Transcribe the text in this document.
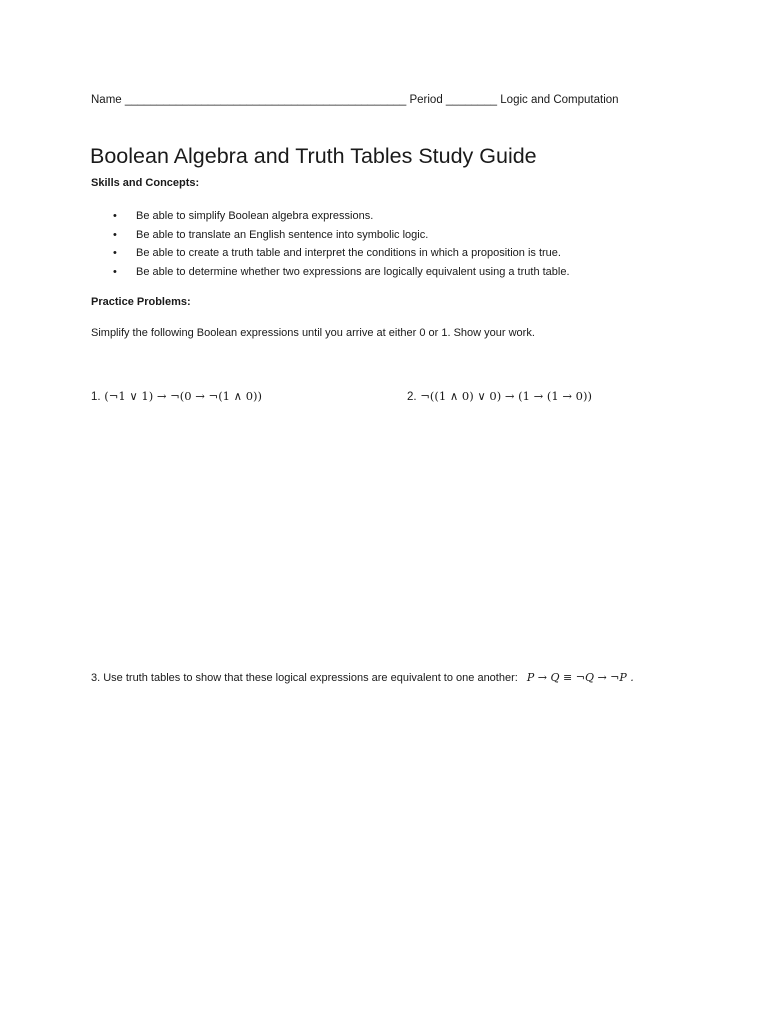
Name ____________________________________________ Period ________ Logic and Computation
Boolean Algebra and Truth Tables Study Guide
Skills and Concepts:
• Be able to simplify Boolean algebra expressions.
• Be able to translate an English sentence into symbolic logic.
• Be able to create a truth table and interpret the conditions in which a proposition is true.
• Be able to determine whether two expressions are logically equivalent using a truth table.
Practice Problems:
Simplify the following Boolean expressions until you arrive at either 0 or 1. Show your work.
1. (¬1 ∨ 1) → ¬(0 → ¬(1 ∧ 0))	2. ¬((1 ∧ 0) ∨ 0) → (1 → (1 → 0))
3. Use truth tables to show that these logical expressions are equivalent to one another: P → Q ≡ ¬Q → ¬P .
